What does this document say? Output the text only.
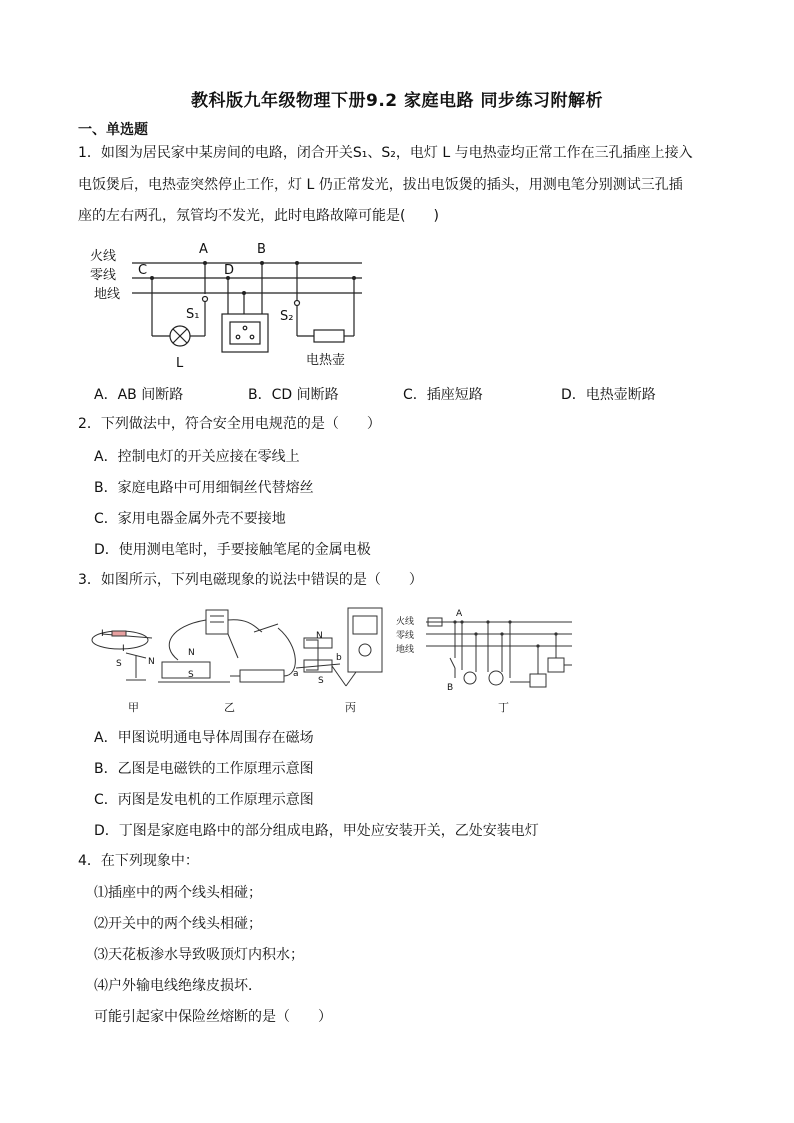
教科版九年级物理下册9.2 家庭电路 同步练习附解析
一、单选题
1．如图为居民家中某房间的电路，闭合开关S₁、S₂，电灯 L 与电热壶均正常工作在三孔插座上接入
电饭煲后，电热壶突然停止工作，灯 L 仍正常发光，拔出电饭煲的插头，用测电笔分别测试三孔插
座的左右两孔，氖管均不发光，此时电路故障可能是(　　)
火线
零线
地线
A	B
C	D
S₁	S₂
L	电热壶
A．AB 间断路	B．CD 间断路	C．插座短路	D．电热壶断路
2．下列做法中，符合安全用电规范的是（　　）
A．控制电灯的开关应接在零线上
B．家庭电路中可用细铜丝代替熔丝
C．家用电器金属外壳不要接地
D．使用测电笔时，手要接触笔尾的金属电极
3．如图所示，下列电磁现象的说法中错误的是（　　）
I
I
S	N
N
S
N
S
a
b
火线
零线
地线
A
B
甲	乙	丙	丁
A．甲图说明通电导体周围存在磁场
B．乙图是电磁铁的工作原理示意图
C．丙图是发电机的工作原理示意图
D．丁图是家庭电路中的部分组成电路，甲处应安装开关，乙处安装电灯
4．在下列现象中：
⑴插座中的两个线头相碰；
⑵开关中的两个线头相碰；
⑶天花板渗水导致吸顶灯内积水；
⑷户外输电线绝缘皮损坏．
可能引起家中保险丝熔断的是（　　）
